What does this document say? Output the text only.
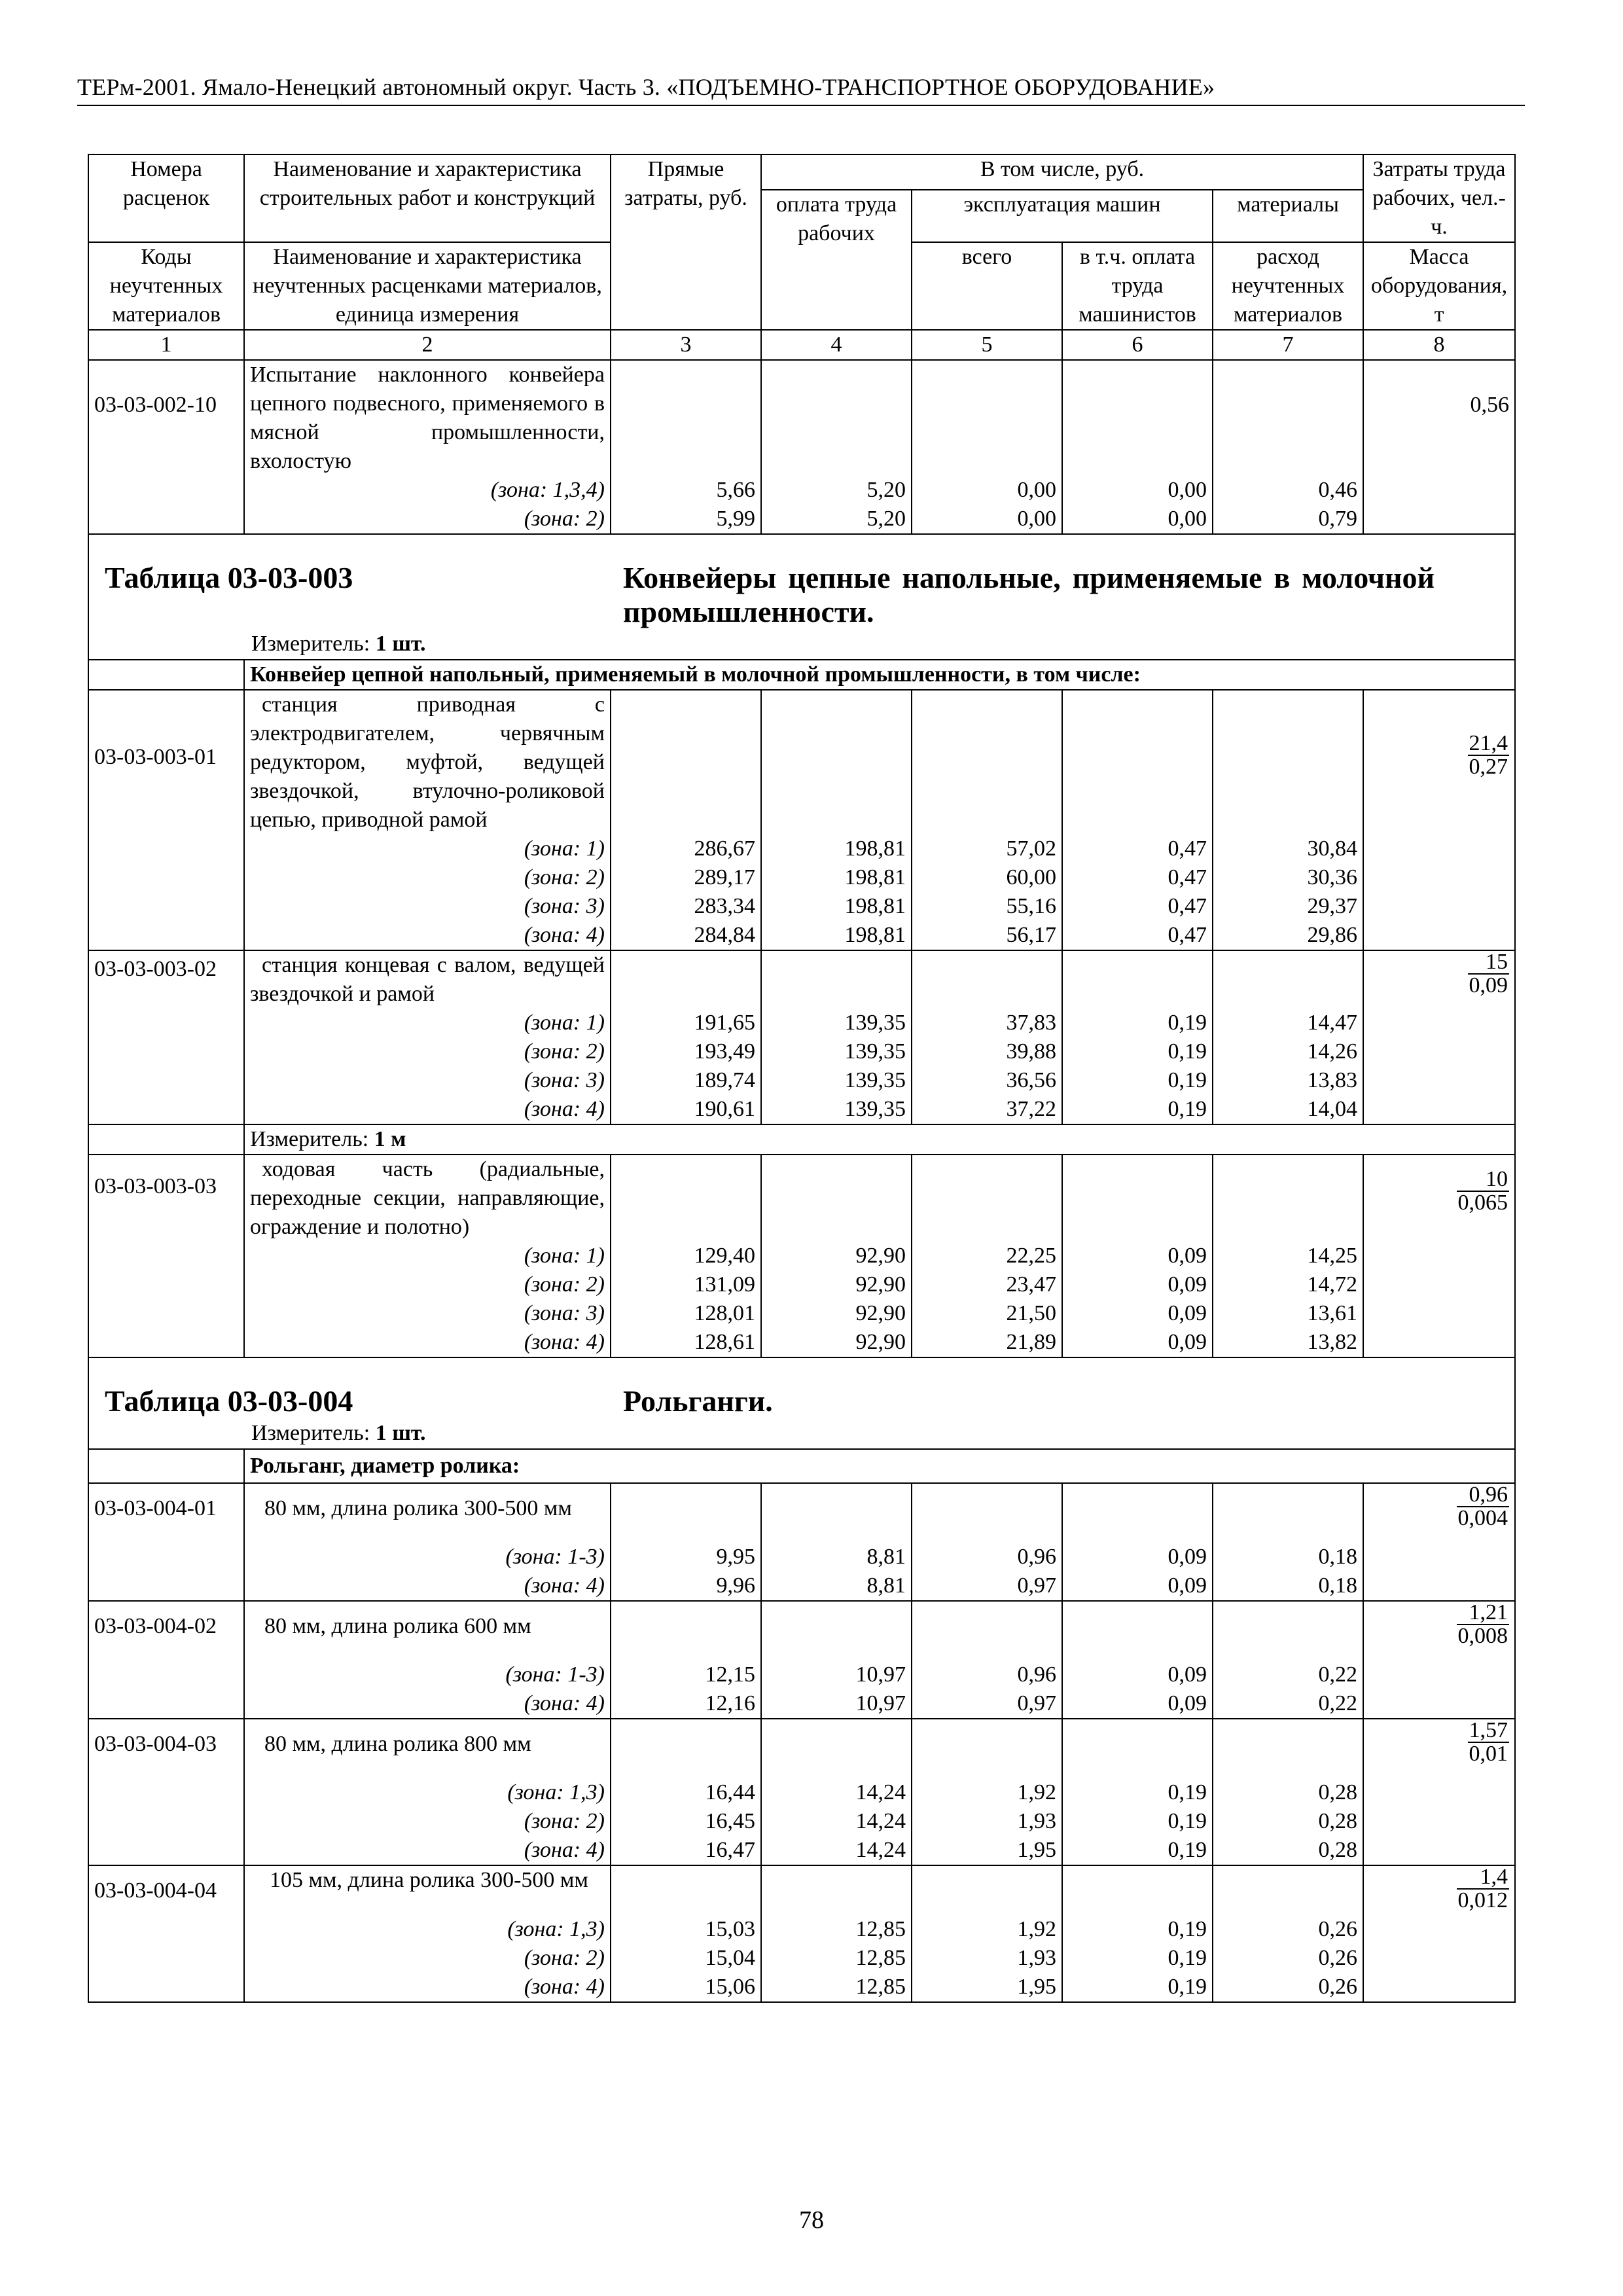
ТЕРм-2001. Ямало-Ненецкий автономный округ. Часть 3. «ПОДЪЕМНО-ТРАНСПОРТНОЕ ОБОРУДОВАНИЕ»
Номера расценок	Наименование и характеристика строительных работ и конструкций	Прямые затраты, руб.	В том числе, руб.				Затраты труда рабочих, чел.-ч.
			оплата труда рабочих	эксплуатация машин		материалы	
Коды неучтенных материалов	Наименование и характеристика неучтенных расценками материалов, единица измерения			всего	в т.ч. оплата труда машинистов	расход неучтенных материалов	Масса оборудования, т
1	2	3	4	5	6	7	8
03-03-002-10	Испытание наклонного конвейера цепного подвесного, применяемого в мясной промышленности, вхолостую						0,56
	(зона: 1,3,4)	5,66	5,20	0,00	0,00	0,46	
	(зона: 2)	5,99	5,20	0,00	0,00	0,79	

Таблица 03-03-003 Конвейеры цепные напольные, применяемые в молочной промышленности.
Измеритель: 1 шт.							

	Конвейер цепной напольный, применяемый в молочной промышленности, в том числе:						
03-03-003-01	станция приводная с электродвигателем, червячным редуктором, муфтой, ведущей звездочкой, втулочно-роликовой цепью, приводной рамой						$\frac{21,4}{0,27}$

	(зона: 1)	286,67	198,81	57,02	0,47	30,84	
	(зона: 2)	289,17	198,81	60,00	0,47	30,36	
	(зона: 3)	283,34	198,81	55,16	0,47	29,37	
	(зона: 4)	284,84	198,81	56,17	0,47	29,86	
03-03-003-02	станция концевая с валом, ведущей звездочкой и рамой						$\frac{15}{0,09}$

	(зона: 1)	191,65	139,35	37,83	0,19	14,47	
	(зона: 2)	193,49	139,35	39,88	0,19	14,26	
	(зона: 3)	189,74	139,35	36,56	0,19	13,83	
	(зона: 4)	190,61	139,35	37,22	0,19	14,04	
	Измеритель: 1 м						
03-03-003-03	ходовая часть (радиальные, переходные секции, направляющие, ограждение и полотно)						$\frac{10}{0,065}$

	(зона: 1)	129,40	92,90	22,25	0,09	14,25	
	(зона: 2)	131,09	92,90	23,47	0,09	14,72	
	(зона: 3)	128,01	92,90	21,50	0,09	13,61	
	(зона: 4)	128,61	92,90	21,89	0,09	13,82	

Таблица 03-03-004 Рольганги.
Измеритель: 1 шт.							

	Рольганг, диаметр ролика:						
03-03-004-01	80 мм, длина ролика 300-500 мм						$\frac{0,96}{0,004}$

	(зона: 1-3)	9,95	8,81	0,96	0,09	0,18	
	(зона: 4)	9,96	8,81	0,97	0,09	0,18	
03-03-004-02	80 мм, длина ролика 600 мм						$\frac{1,21}{0,008}$

	(зона: 1-3)	12,15	10,97	0,96	0,09	0,22	
	(зона: 4)	12,16	10,97	0,97	0,09	0,22	
03-03-004-03	80 мм, длина ролика 800 мм						$\frac{1,57}{0,01}$

	(зона: 1,3)	16,44	14,24	1,92	0,19	0,28	
	(зона: 2)	16,45	14,24	1,93	0,19	0,28	
	(зона: 4)	16,47	14,24	1,95	0,19	0,28	
03-03-004-04	105 мм, длина ролика 300-500 мм						$\frac{1,4}{0,012}$

	(зона: 1,3)	15,03	12,85	1,92	0,19	0,26	
	(зона: 2)	15,04	12,85	1,93	0,19	0,26	
	(зона: 4)	15,06	12,85	1,95	0,19	0,26	
78
